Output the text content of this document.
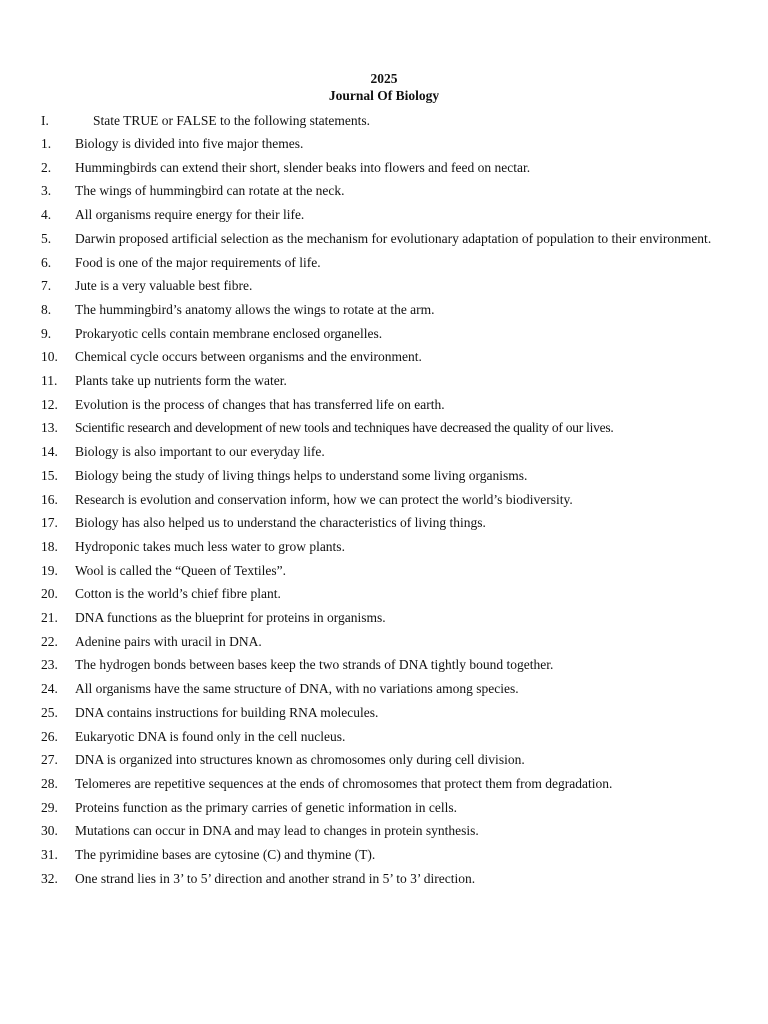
2025
Journal Of Biology
I.	State TRUE or FALSE to the following statements.
1. Biology is divided into five major themes.
2. Hummingbirds can extend their short, slender beaks into flowers and feed on nectar.
3. The wings of hummingbird can rotate at the neck.
4. All organisms require energy for their life.
5. Darwin proposed artificial selection as the mechanism for evolutionary adaptation of population to their environment.
6. Food is one of the major requirements of life.
7. Jute is a very valuable best fibre.
8. The hummingbird’s anatomy allows the wings to rotate at the arm.
9. Prokaryotic cells contain membrane enclosed organelles.
10. Chemical cycle occurs between organisms and the environment.
11. Plants take up nutrients form the water.
12. Evolution is the process of changes that has transferred life on earth.
13. Scientific research and development of new tools and techniques have decreased the quality of our lives.
14. Biology is also important to our everyday life.
15. Biology being the study of living things helps to understand some living organisms.
16. Research is evolution and conservation inform, how we can protect the world’s biodiversity.
17. Biology has also helped us to understand the characteristics of living things.
18. Hydroponic takes much less water to grow plants.
19. Wool is called the “Queen of Textiles”.
20. Cotton is the world’s chief fibre plant.
21. DNA functions as the blueprint for proteins in organisms.
22. Adenine pairs with uracil in DNA.
23. The hydrogen bonds between bases keep the two strands of DNA tightly bound together.
24. All organisms have the same structure of DNA, with no variations among species.
25. DNA contains instructions for building RNA molecules.
26. Eukaryotic DNA is found only in the cell nucleus.
27. DNA is organized into structures known as chromosomes only during cell division.
28. Telomeres are repetitive sequences at the ends of chromosomes that protect them from degradation.
29. Proteins function as the primary carries of genetic information in cells.
30. Mutations can occur in DNA and may lead to changes in protein synthesis.
31. The pyrimidine bases are cytosine (C) and thymine (T).
32. One strand lies in 3’ to 5’ direction and another strand in 5’ to 3’ direction.
